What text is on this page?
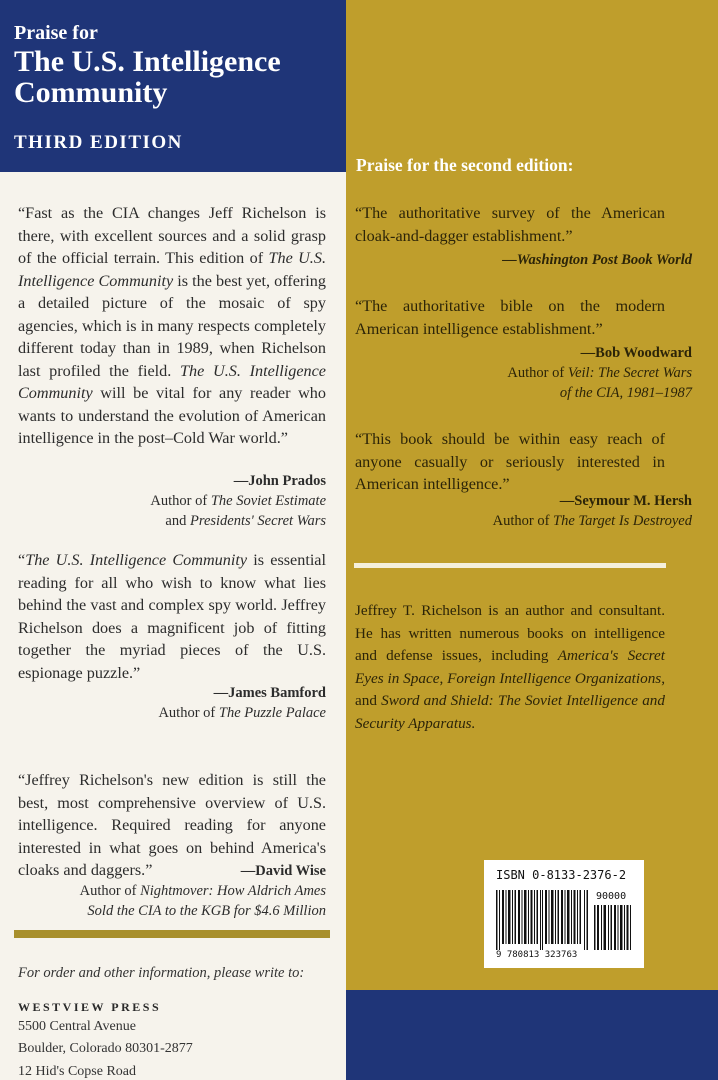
Praise for
The U.S. Intelligence Community
THIRD EDITION
“Fast as the CIA changes Jeff Richelson is there, with excellent sources and a solid grasp of the official terrain. This edition of The U.S. Intelligence Community is the best yet, offering a detailed picture of the mosaic of spy agencies, which is in many respects completely different today than in 1989, when Richelson last profiled the field. The U.S. Intelligence Community will be vital for any reader who wants to understand the evolution of American intelligence in the post–Cold War world.”
—John Prados
Author of The Soviet Estimate
and Presidents' Secret Wars
“The U.S. Intelligence Community is essential reading for all who wish to know what lies behind the vast and complex spy world. Jeffrey Richelson does a magnificent job of fitting together the myriad pieces of the U.S. espionage puzzle.”
—James Bamford
Author of The Puzzle Palace
“Jeffrey Richelson's new edition is still the best, most comprehensive overview of U.S. intelligence. Required reading for anyone interested in what goes on behind America's cloaks and daggers.”	—David Wise
Author of Nightmover: How Aldrich Ames
Sold the CIA to the KGB for $4.6 Million
For order and other information, please write to:
WESTVIEW PRESS
5500 Central Avenue
Boulder, Colorado 80301-2877
12 Hid's Copse Road
Praise for the second edition:
“The authoritative survey of the American cloak-and-dagger establishment.”
—Washington Post Book World
“The authoritative bible on the modern American intelligence establishment.”
—Bob Woodward
Author of Veil: The Secret Wars
of the CIA, 1981–1987
“This book should be within easy reach of anyone casually or seriously interested in American intelligence.”
—Seymour M. Hersh
Author of The Target Is Destroyed
Jeffrey T. Richelson is an author and consultant. He has written numerous books on intelligence and defense issues, including America's Secret Eyes in Space, Foreign Intelligence Organizations, and Sword and Shield: The Soviet Intelligence and Security Apparatus.
ISBN 0-8133-2376-2
90000
9 780813 323763
